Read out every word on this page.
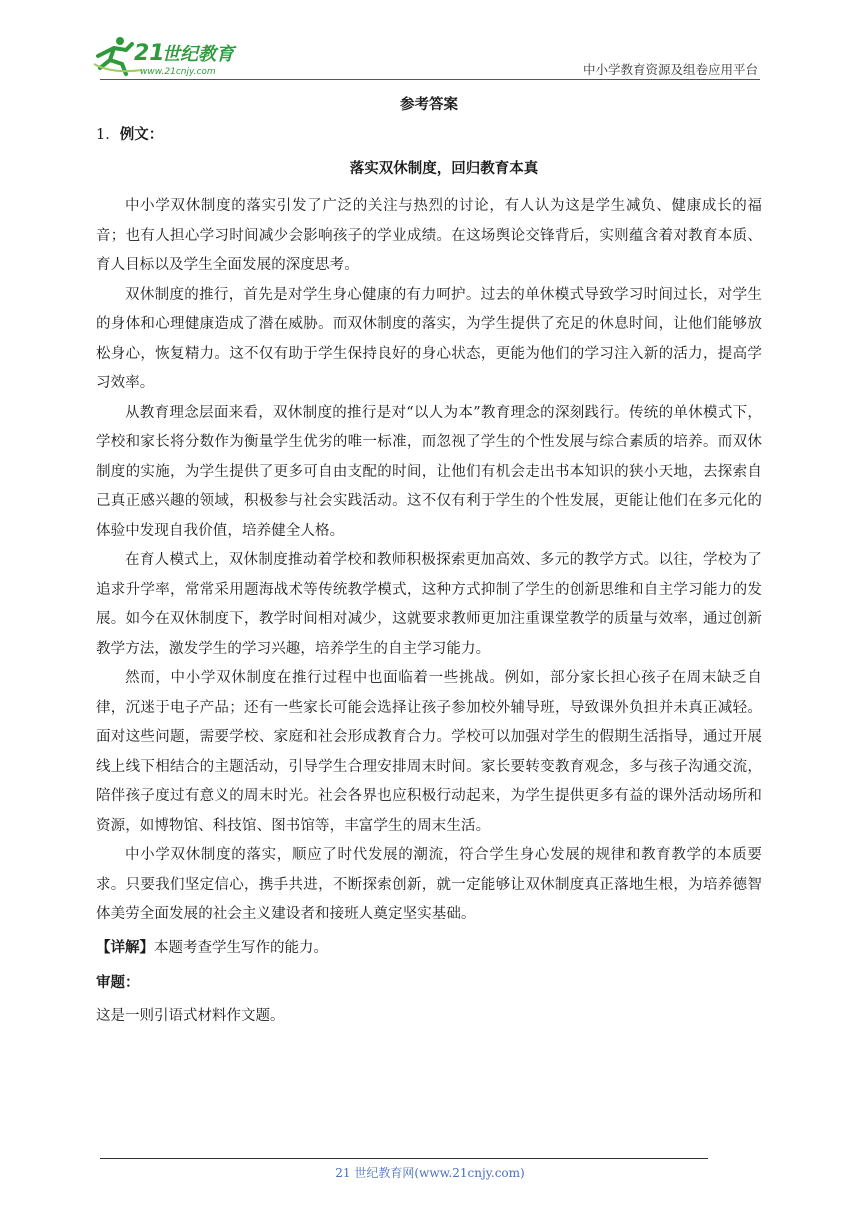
21
世纪教育
www.21cnjy.com	中小学教育资源及组卷应用平台
参考答案
1．例文：
落实双休制度，回归教育本真

中小学双休制度的落实引发了广泛的关注与热烈的讨论，有人认为这是学生减负、健康成长的福音；也有人担心学习时间减少会影响孩子的学业成绩。在这场舆论交锋背后，实则蕴含着对教育本质、育人目标以及学生全面发展的深度思考。

双休制度的推行，首先是对学生身心健康的有力呵护。过去的单休模式导致学习时间过长，对学生的身体和心理健康造成了潜在威胁。而双休制度的落实，为学生提供了充足的休息时间，让他们能够放松身心，恢复精力。这不仅有助于学生保持良好的身心状态，更能为他们的学习注入新的活力，提高学习效率。

从教育理念层面来看，双休制度的推行是对“以人为本”教育理念的深刻践行。传统的单休模式下，学校和家长将分数作为衡量学生优劣的唯一标准，而忽视了学生的个性发展与综合素质的培养。而双休制度的实施，为学生提供了更多可自由支配的时间，让他们有机会走出书本知识的狭小天地，去探索自己真正感兴趣的领域，积极参与社会实践活动。这不仅有利于学生的个性发展，更能让他们在多元化的体验中发现自我价值，培养健全人格。

在育人模式上，双休制度推动着学校和教师积极探索更加高效、多元的教学方式。以往，学校为了追求升学率，常常采用题海战术等传统教学模式，这种方式抑制了学生的创新思维和自主学习能力的发展。如今在双休制度下，教学时间相对减少，这就要求教师更加注重课堂教学的质量与效率，通过创新教学方法，激发学生的学习兴趣，培养学生的自主学习能力。

然而，中小学双休制度在推行过程中也面临着一些挑战。例如，部分家长担心孩子在周末缺乏自律，沉迷于电子产品；还有一些家长可能会选择让孩子参加校外辅导班，导致课外负担并未真正减轻。面对这些问题，需要学校、家庭和社会形成教育合力。学校可以加强对学生的假期生活指导，通过开展线上线下相结合的主题活动，引导学生合理安排周末时间。家长要转变教育观念，多与孩子沟通交流，陪伴孩子度过有意义的周末时光。社会各界也应积极行动起来，为学生提供更多有益的课外活动场所和资源，如博物馆、科技馆、图书馆等，丰富学生的周末生活。

中小学双休制度的落实，顺应了时代发展的潮流，符合学生身心发展的规律和教育教学的本质要求。只要我们坚定信心，携手共进，不断探索创新，就一定能够让双休制度真正落地生根，为培养德智体美劳全面发展的社会主义建设者和接班人奠定坚实基础。

【详解】本题考查学生写作的能力。
审题：
这是一则引语式材料作文题。
21 世纪教育网(www.21cnjy.com)
